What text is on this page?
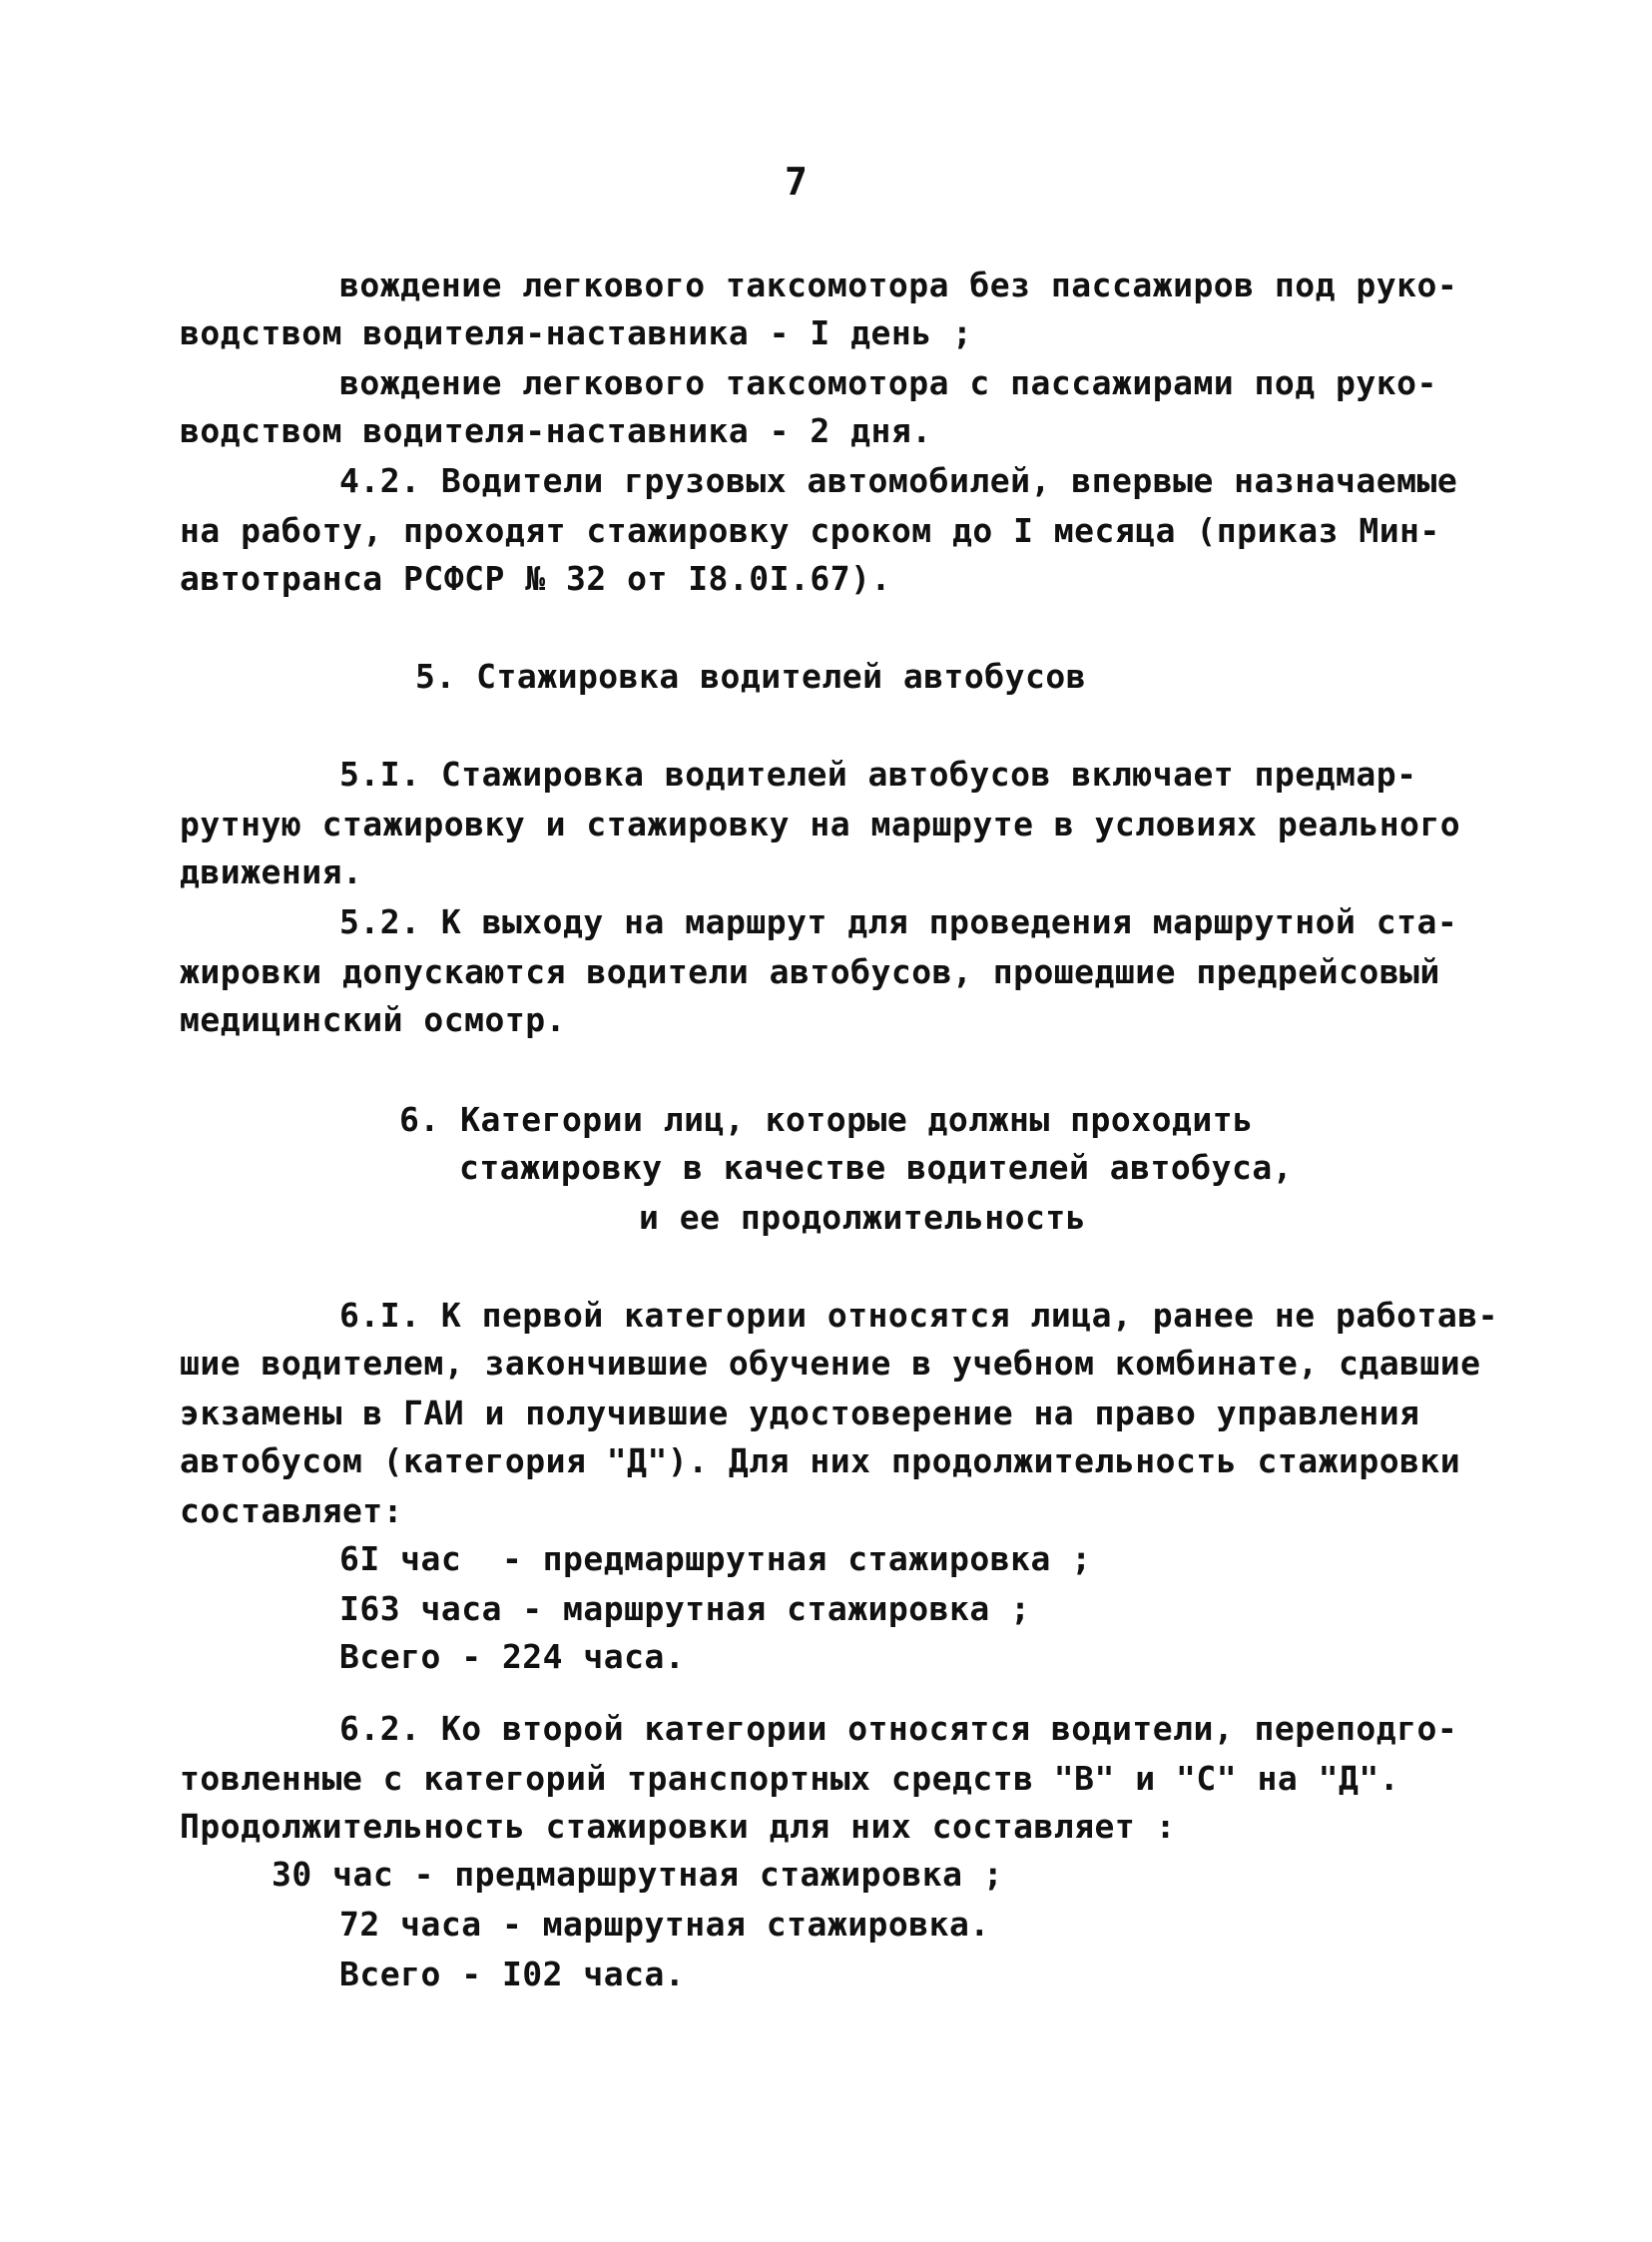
7
вождение легкового таксомотора без пассажиров под руко-
водством водителя-наставника - I день ;
вождение легкового таксомотора с пассажирами под руко-
водством водителя-наставника - 2 дня.
4.2. Водители грузовых автомобилей, впервые назначаемые
на работу, проходят стажировку сроком до I месяца (приказ Мин-
автотранса РСФСР № 32 от I8.0I.67).
5. Стажировка водителей автобусов
5.I. Стажировка водителей автобусов включает предмар-
рутную стажировку и стажировку на маршруте в условиях реального
движения.
5.2. К выходу на маршрут для проведения маршрутной ста-
жировки допускаются водители автобусов, прошедшие предрейсовый
медицинский осмотр.
6. Категории лиц, которые должны проходить
стажировку в качестве водителей автобуса,
и ее продолжительность
6.I. К первой категории относятся лица, ранее не работав-
шие водителем, закончившие обучение в учебном комбинате, сдавшие
экзамены в ГАИ и получившие удостоверение на право управления
автобусом (категория "Д"). Для них продолжительность стажировки
составляет:
6I час  - предмаршрутная стажировка ;
I63 часа - маршрутная стажировка ;
Всего - 224 часа.
6.2. Ко второй категории относятся водители, переподго-
товленные с категорий транспортных средств "В" и "С" на "Д".
Продолжительность стажировки для них составляет :
30 час - предмаршрутная стажировка ;
72 часа - маршрутная стажировка.
Всего - I02 часа.
